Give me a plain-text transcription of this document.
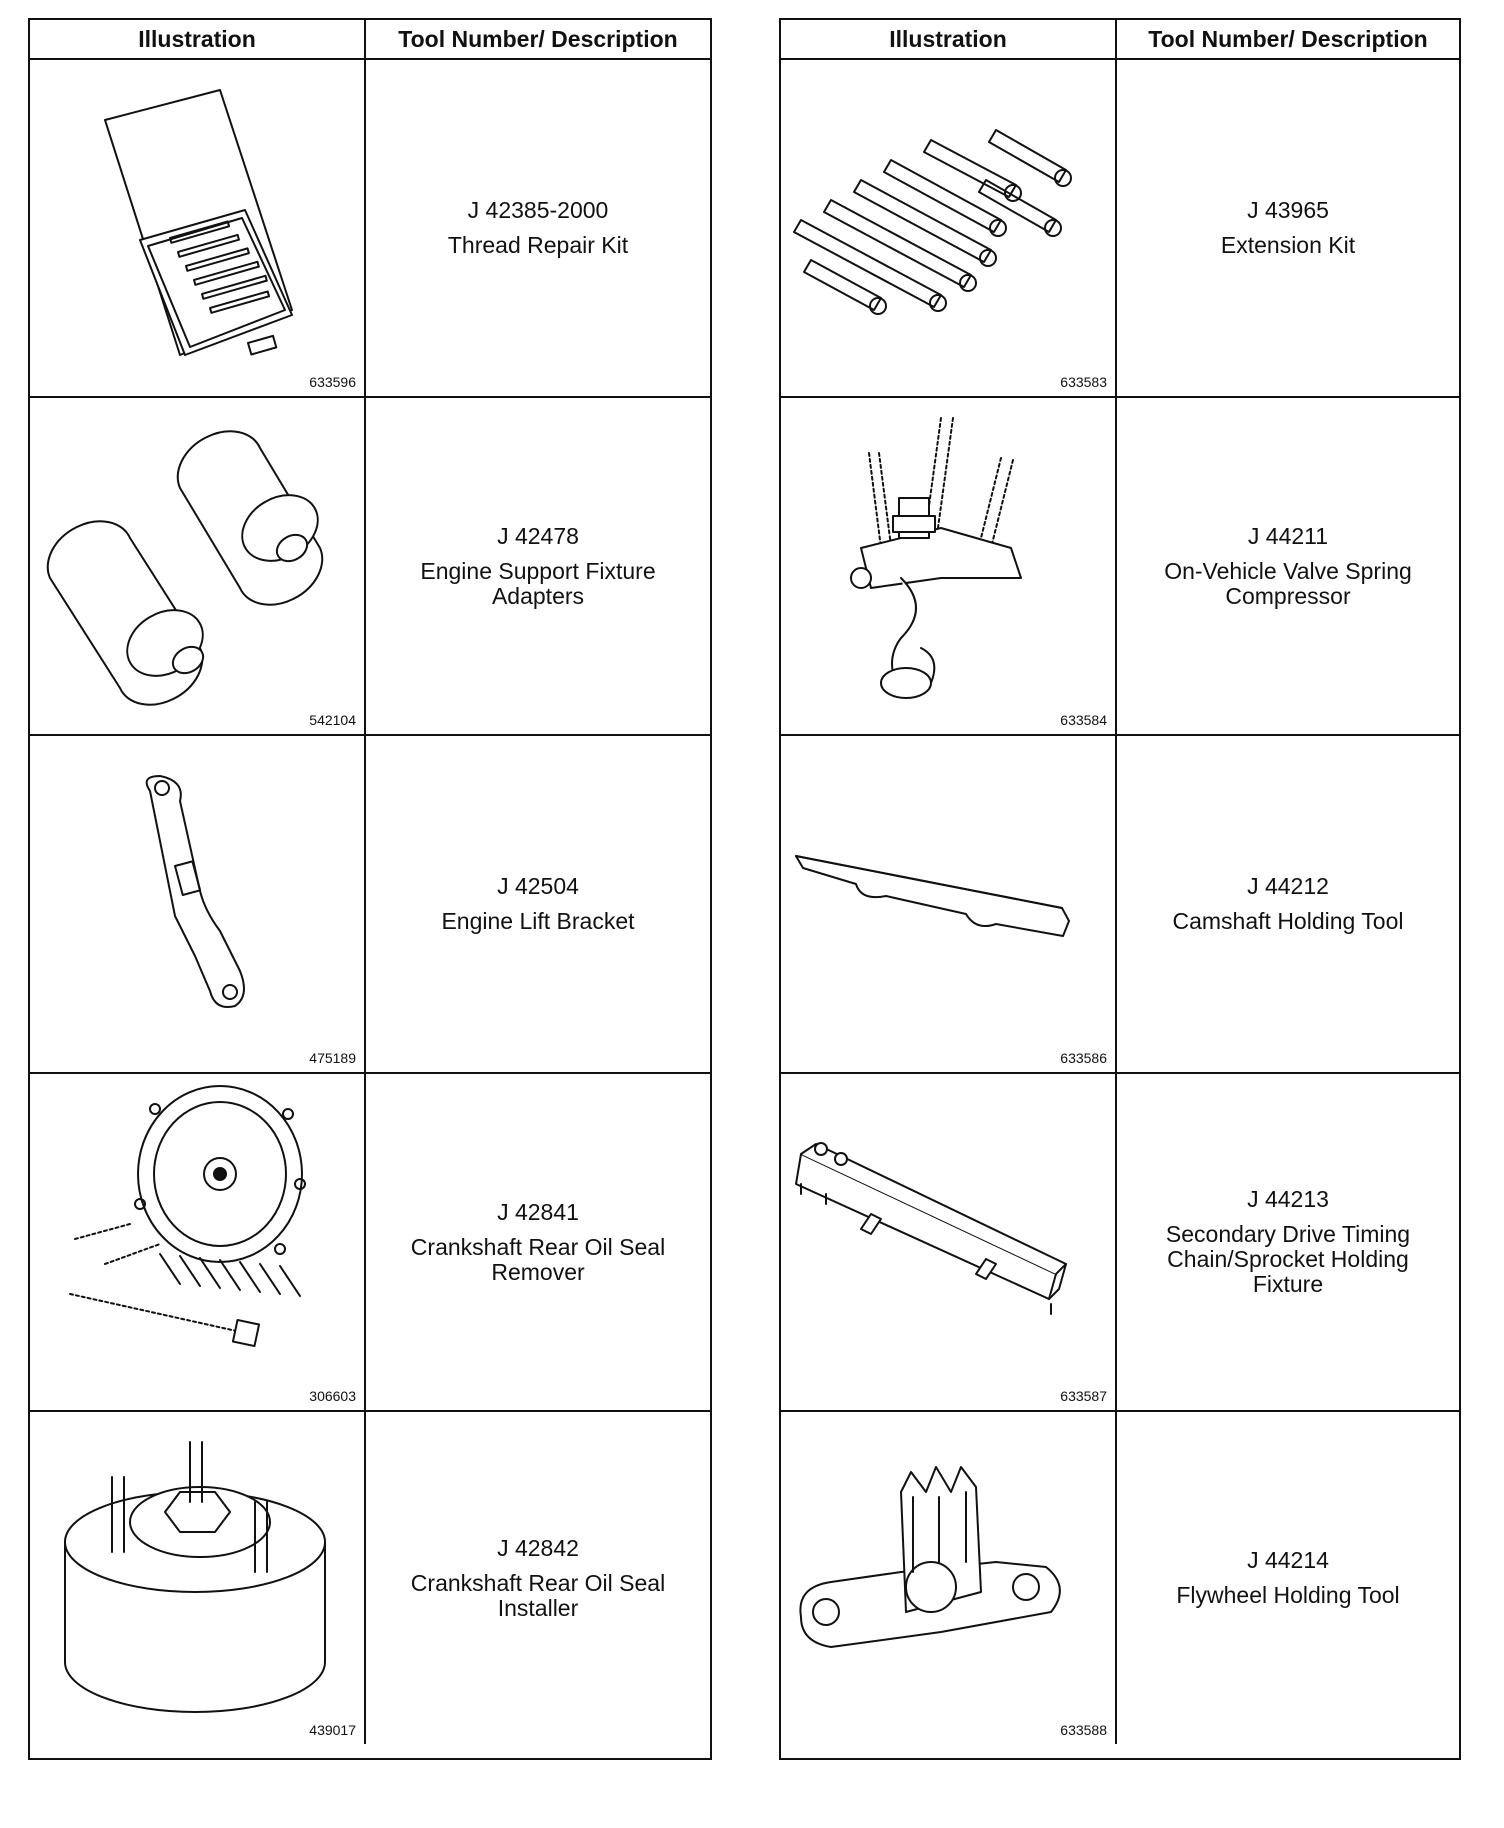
Illustration	Tool Number/ Description
633596
J 42385-2000
Thread Repair Kit
542104
J 42478
Engine Support Fixture Adapters
475189
J 42504
Engine Lift Bracket
306603
J 42841
Crankshaft Rear Oil Seal Remover
439017
J 42842
Crankshaft Rear Oil Seal Installer
Illustration	Tool Number/ Description
633583
J 43965
Extension Kit
633584
J 44211
On-Vehicle Valve Spring Compressor
633586
J 44212
Camshaft Holding Tool
633587
J 44213
Secondary Drive Timing Chain/Sprocket Holding Fixture
633588
J 44214
Flywheel Holding Tool
